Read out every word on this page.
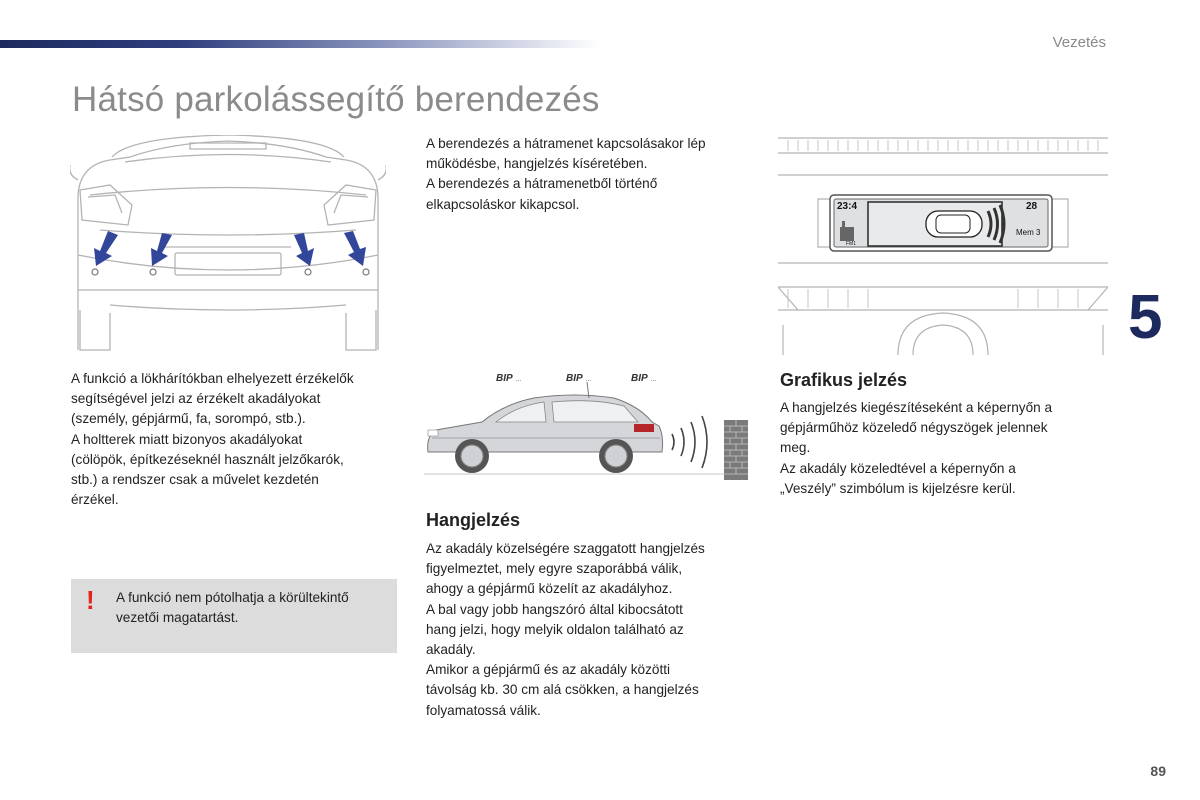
Vezetés
Hátsó parkolássegítő berendezés
5

A berendezés a hátramenet kapcsolásakor lép

működésbe, hangjelzés kíséretében.

A berendezés a hátramenetből történő

elkapcsoláskor kikapcsol.	23:4	28
Mem 3
FM1
BIP	BIP	BIP
...	...	...

A funkció a lökhárítókban elhelyezett érzékelők

segítségével jelzi az érzékelt akadályokat

(személy, gépjármű, fa, sorompó, stb.).

A holtterek miatt bizonyos akadályokat

(cölöpök, építkezéseknél használt jelzőkarók,

stb.) a rendszer csak a művelet kezdetén

érzékel.

! A funkció nem pótolhatja a körültekintő

vezetői magatartást.

Hangjelzés

Az akadály közelségére szaggatott hangjelzés

figyelmeztet, mely egyre szaporábbá válik,

ahogy a gépjármű közelít az akadályhoz.

A bal vagy jobb hangszóró által kibocsátott

hang jelzi, hogy melyik oldalon található az

akadály.

Amikor a gépjármű és az akadály közötti

távolság kb. 30 cm alá csökken, a hangjelzés

folyamatossá válik.

Grafikus jelzés

A hangjelzés kiegészítéseként a képernyőn a

gépjárműhöz közeledő négyszögek jelennek

meg.

Az akadály közeledtével a képernyőn a

„Veszély” szimbólum is kijelzésre kerül.

89
